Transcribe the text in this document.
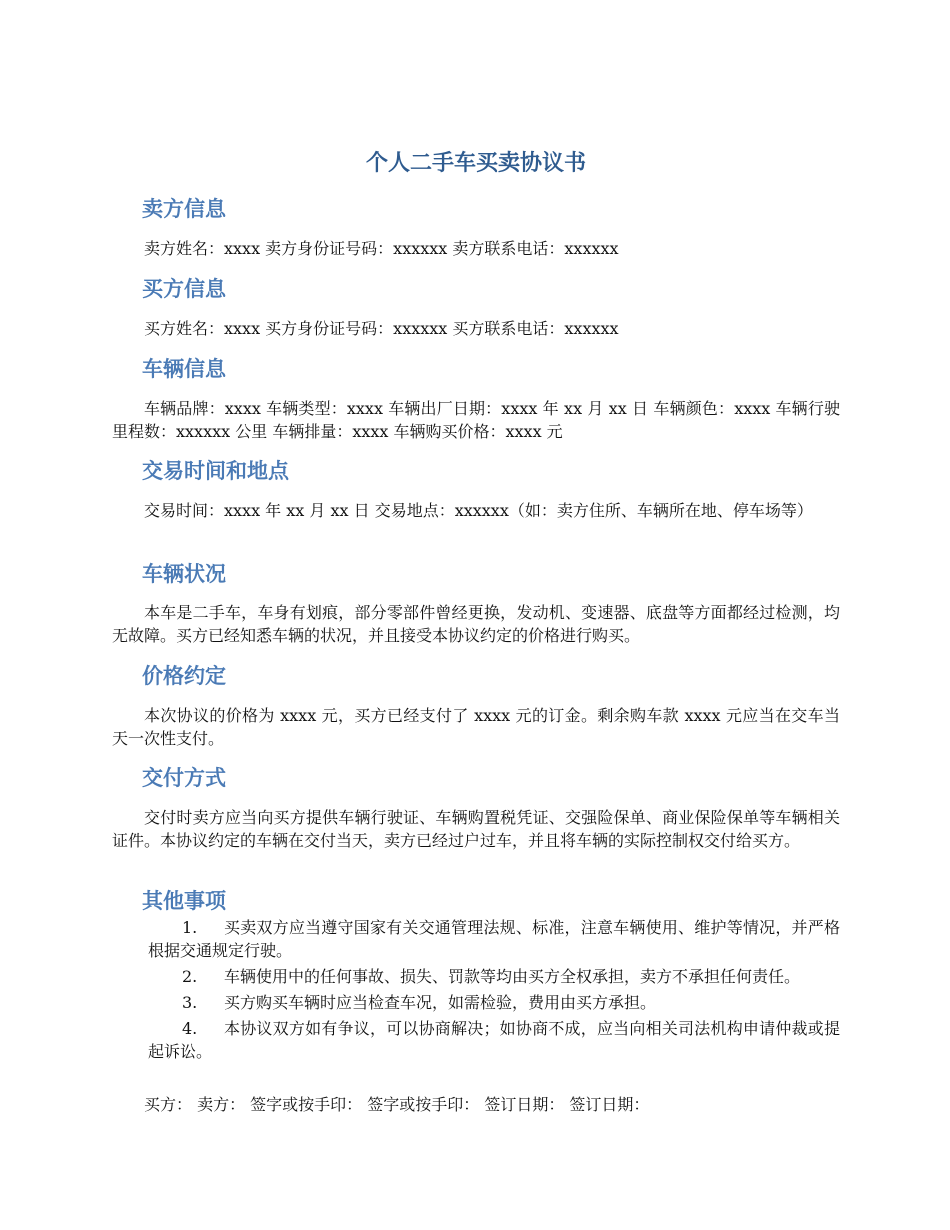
个人二手车买卖协议书
卖方信息
卖方姓名：xxxx 卖方身份证号码：xxxxxx 卖方联系电话：xxxxxx
买方信息
买方姓名：xxxx 买方身份证号码：xxxxxx 买方联系电话：xxxxxx
车辆信息
车辆品牌：xxxx 车辆类型：xxxx 车辆出厂日期：xxxx 年 xx 月 xx 日 车辆颜色：xxxx 车辆行驶里程数：xxxxxx 公里 车辆排量：xxxx 车辆购买价格：xxxx 元
交易时间和地点
交易时间：xxxx 年 xx 月 xx 日 交易地点：xxxxxx（如：卖方住所、车辆所在地、停车场等）
车辆状况
本车是二手车，车身有划痕，部分零部件曾经更换，发动机、变速器、底盘等方面都经过检测，均无故障。买方已经知悉车辆的状况，并且接受本协议约定的价格进行购买。
价格约定
本次协议的价格为 xxxx 元，买方已经支付了 xxxx 元的订金。剩余购车款 xxxx 元应当在交车当天一次性支付。
交付方式
交付时卖方应当向买方提供车辆行驶证、车辆购置税凭证、交强险保单、商业保险保单等车辆相关证件。本协议约定的车辆在交付当天，卖方已经过户过车，并且将车辆的实际控制权交付给买方。
其他事项
1. 买卖双方应当遵守国家有关交通管理法规、标准，注意车辆使用、维护等情况，并严格根据交通规定行驶。
2. 车辆使用中的任何事故、损失、罚款等均由买方全权承担，卖方不承担任何责任。
3. 买方购买车辆时应当检查车况，如需检验，费用由买方承担。
4. 本协议双方如有争议，可以协商解决；如协商不成，应当向相关司法机构申请仲裁或提起诉讼。
买方： 卖方： 签字或按手印： 签字或按手印： 签订日期： 签订日期：
